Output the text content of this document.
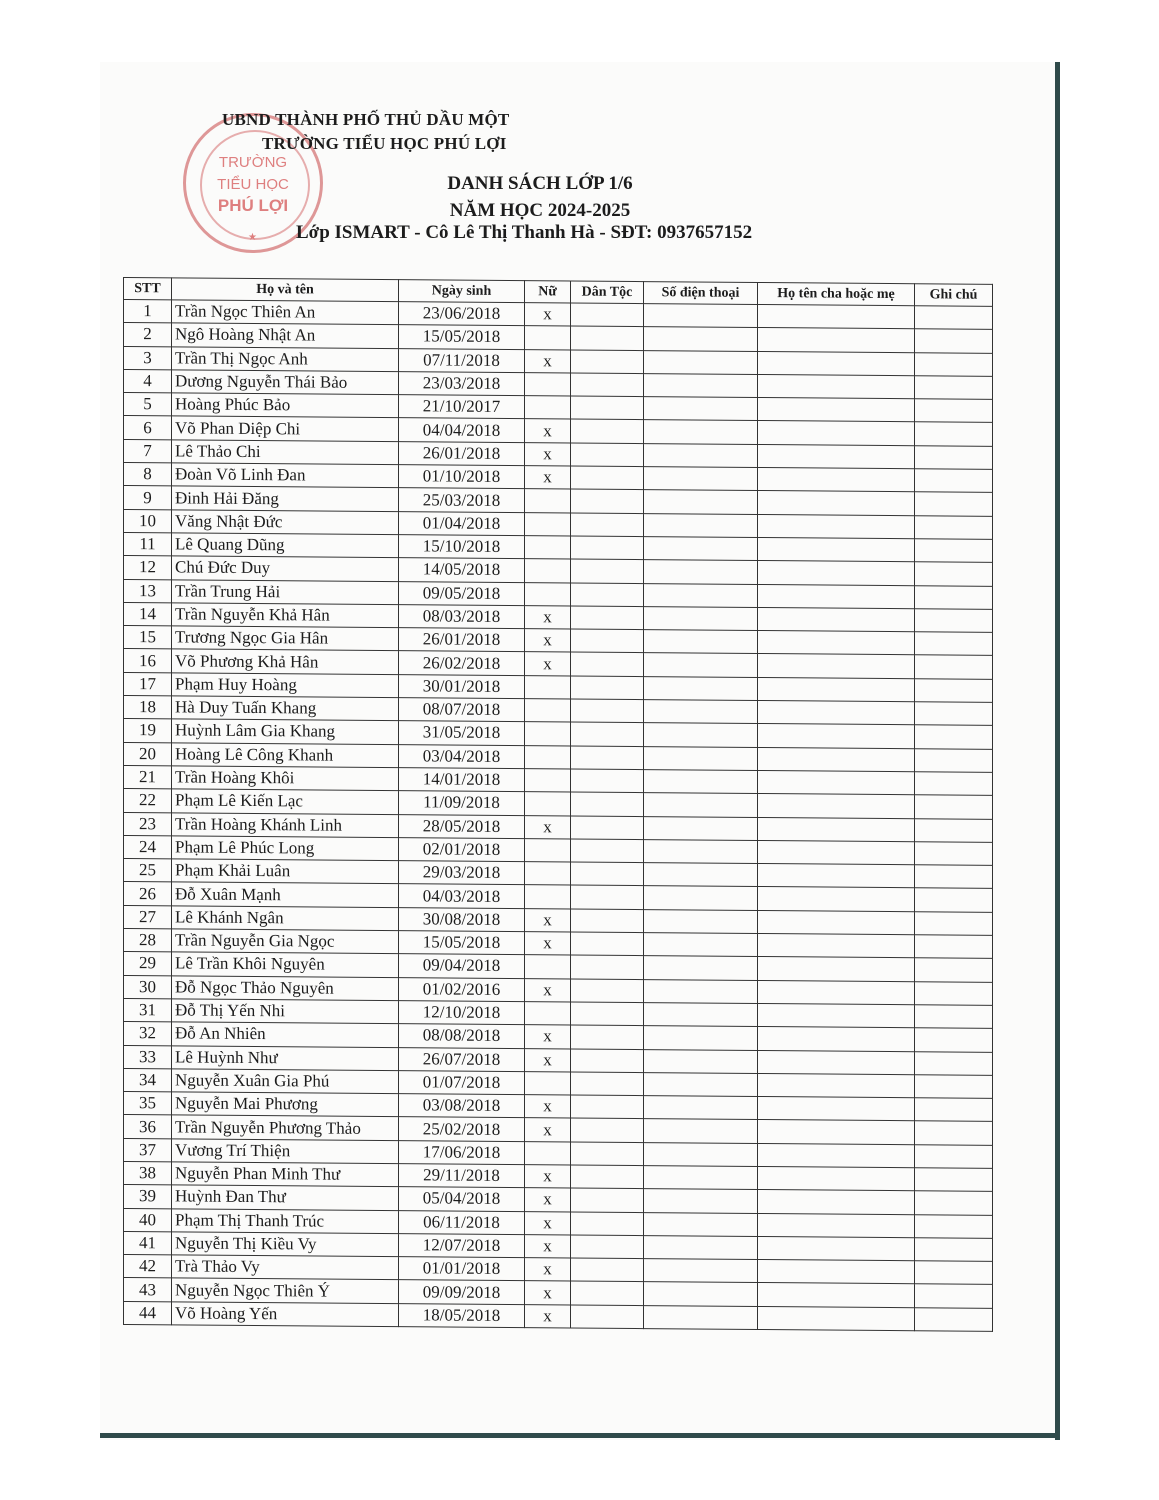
TRƯỜNG
TIỂU HỌC
PHÚ LỢI
★
UBND THÀNH PHỐ THỦ DẦU MỘT
TRƯỜNG TIỂU HỌC PHÚ LỢI
DANH SÁCH LỚP 1/6
NĂM HỌC 2024-2025
Lớp ISMART - Cô Lê Thị Thanh Hà - SĐT: 0937657152
STT	Họ và tên	Ngày sinh	Nữ	Dân Tộc	Số điện thoại	Họ tên cha hoặc mẹ	Ghi chú
1	Trần Ngọc Thiên An	23/06/2018	x				
2	Ngô Hoàng Nhật An	15/05/2018					
3	Trần Thị Ngọc Anh	07/11/2018	x				
4	Dương Nguyễn Thái Bảo	23/03/2018					
5	Hoàng Phúc Bảo	21/10/2017					
6	Võ Phan Diệp Chi	04/04/2018	x				
7	Lê Thảo Chi	26/01/2018	x				
8	Đoàn Võ Linh Đan	01/10/2018	x				
9	Đinh Hải Đăng	25/03/2018					
10	Văng Nhật Đức	01/04/2018					
11	Lê Quang Dũng	15/10/2018					
12	Chú Đức Duy	14/05/2018					
13	Trần Trung Hải	09/05/2018					
14	Trần Nguyễn Khả Hân	08/03/2018	x				
15	Trương Ngọc Gia Hân	26/01/2018	x				
16	Võ Phương Khả Hân	26/02/2018	x				
17	Phạm Huy Hoàng	30/01/2018					
18	Hà Duy Tuấn Khang	08/07/2018					
19	Huỳnh Lâm Gia Khang	31/05/2018					
20	Hoàng Lê Công Khanh	03/04/2018					
21	Trần Hoàng Khôi	14/01/2018					
22	Phạm Lê Kiến Lạc	11/09/2018					
23	Trần Hoàng Khánh Linh	28/05/2018	x				
24	Phạm Lê Phúc Long	02/01/2018					
25	Phạm Khải Luân	29/03/2018					
26	Đỗ Xuân Mạnh	04/03/2018					
27	Lê Khánh Ngân	30/08/2018	x				
28	Trần Nguyễn Gia Ngọc	15/05/2018	x				
29	Lê Trần Khôi Nguyên	09/04/2018					
30	Đỗ Ngọc Thảo Nguyên	01/02/2016	x				
31	Đỗ Thị Yến Nhi	12/10/2018					
32	Đỗ An Nhiên	08/08/2018	x				
33	Lê Huỳnh Như	26/07/2018	x				
34	Nguyễn Xuân Gia Phú	01/07/2018					
35	Nguyễn Mai Phương	03/08/2018	x				
36	Trần Nguyễn Phương Thảo	25/02/2018	x				
37	Vương Trí Thiện	17/06/2018					
38	Nguyễn Phan Minh Thư	29/11/2018	x				
39	Huỳnh Đan Thư	05/04/2018	x				
40	Phạm Thị Thanh Trúc	06/11/2018	x				
41	Nguyễn Thị Kiều Vy	12/07/2018	x				
42	Trà Thảo Vy	01/01/2018	x				
43	Nguyễn Ngọc Thiên Ý	09/09/2018	x				
44	Võ Hoàng Yến	18/05/2018	x				
